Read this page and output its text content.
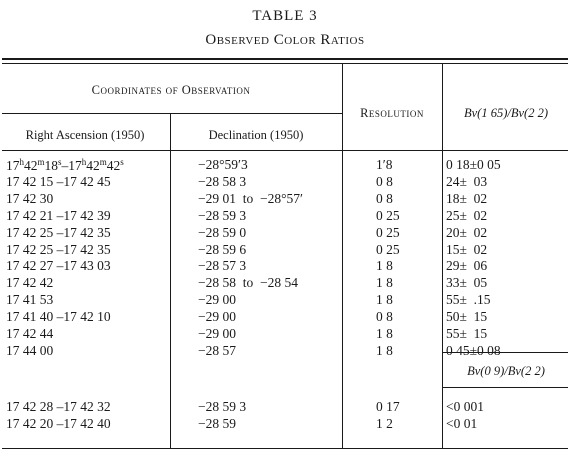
TABLE 3
Observed Color Ratios
Coordinates of Observation
Right Ascension (1950)	Declination (1950)
Resolution	Bν(1 65)/Bν(2 2)
Bν(0 9)/Bν(2 2)
$17^h42^m18^s-17^h42^m42^s$	−28°59′3	1′8	0 18±0 05
17 42 15 –17 42 45	−28 58 3	0 8	24±  03
17 42 30	−29 01  to  −28°57′	0 8	18±  02
17 42 21 –17 42 39	−28 59 3	0 25	25±  02
17 42 25 –17 42 35	−28 59 0	0 25	20±  02
17 42 25 –17 42 35	−28 59 6	0 25	15±  02
17 42 27 –17 43 03	−28 57 3	1 8	29±  06
17 42 42	−28 58  to  −28 54	1 8	33±  05
17 41 53	−29 00	1 8	55±  .15
17 41 40 –17 42 10	−29 00	0 8	50±  15
17 42 44	−29 00	1 8	55±  15
17 44 00	−28 57	1 8	0 45±0 08
17 42 28 –17 42 32	−28 59 3	0 17	<0 001
17 42 20 –17 42 40	−28 59	1 2	<0 01
